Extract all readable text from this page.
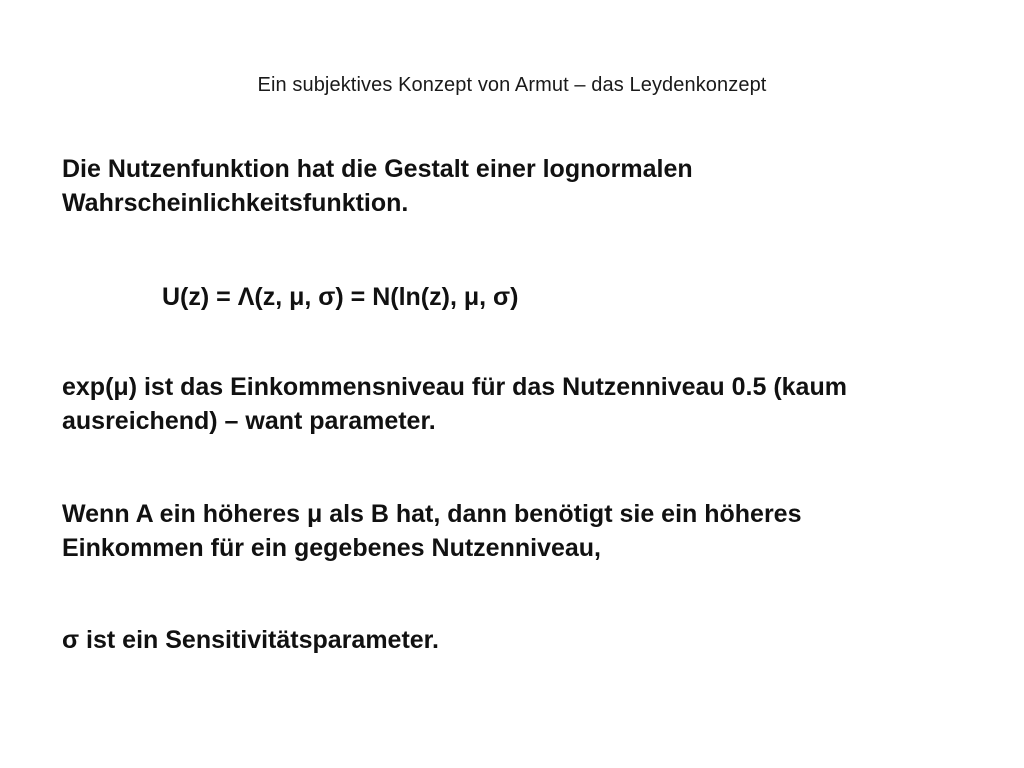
Ein subjektives Konzept von Armut – das Leydenkonzept
Die Nutzenfunktion hat die Gestalt einer lognormalen
Wahrscheinlichkeitsfunktion.
U(z) = Λ(z, μ, σ) = N(ln(z), μ, σ)
exp(μ) ist das Einkommensniveau für das Nutzenniveau 0.5 (kaum
ausreichend) – want parameter.
Wenn A ein höheres μ als B hat, dann benötigt sie ein höheres
Einkommen für ein gegebenes Nutzenniveau,
σ ist ein Sensitivitätsparameter.
